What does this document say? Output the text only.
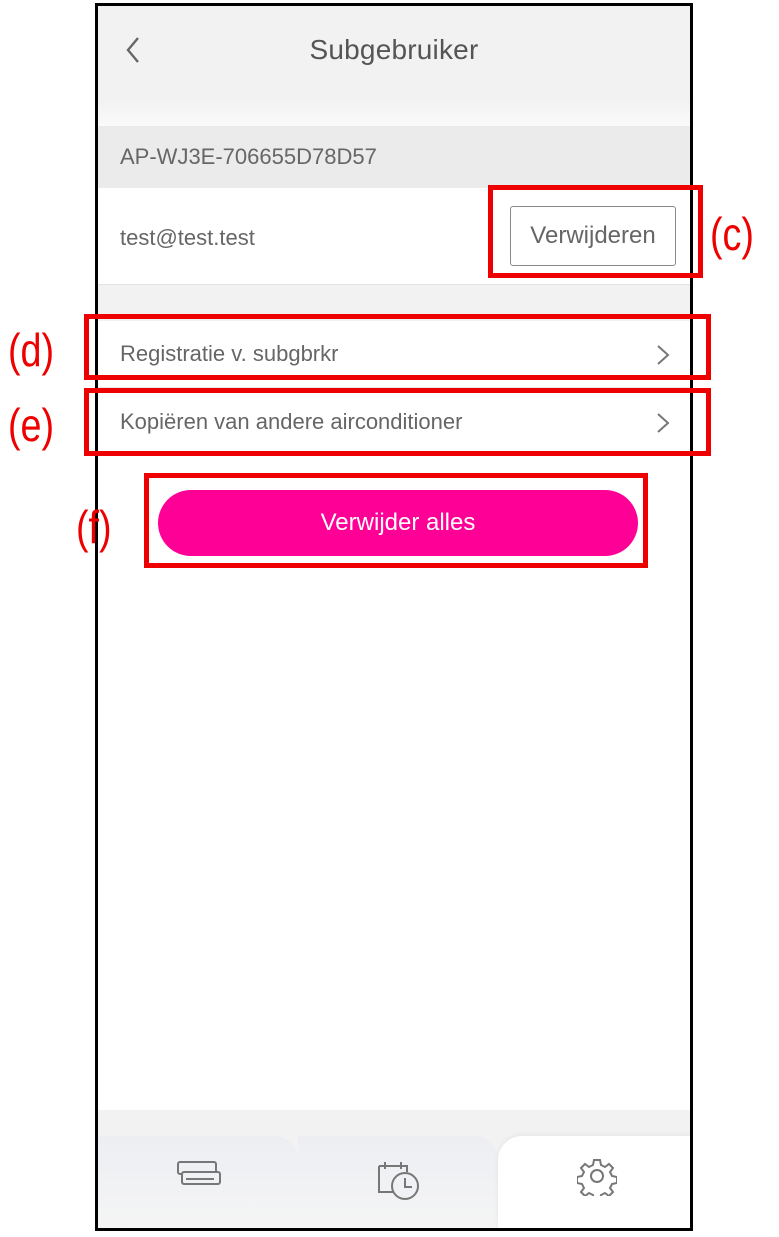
Subgebruiker
AP-WJ3E-706655D78D57
test@test.test	Verwijderen
Registratie v. subgbrkr
Kopiëren van andere airconditioner
Verwijder alles
(c)
(d)
(e)
(f)
